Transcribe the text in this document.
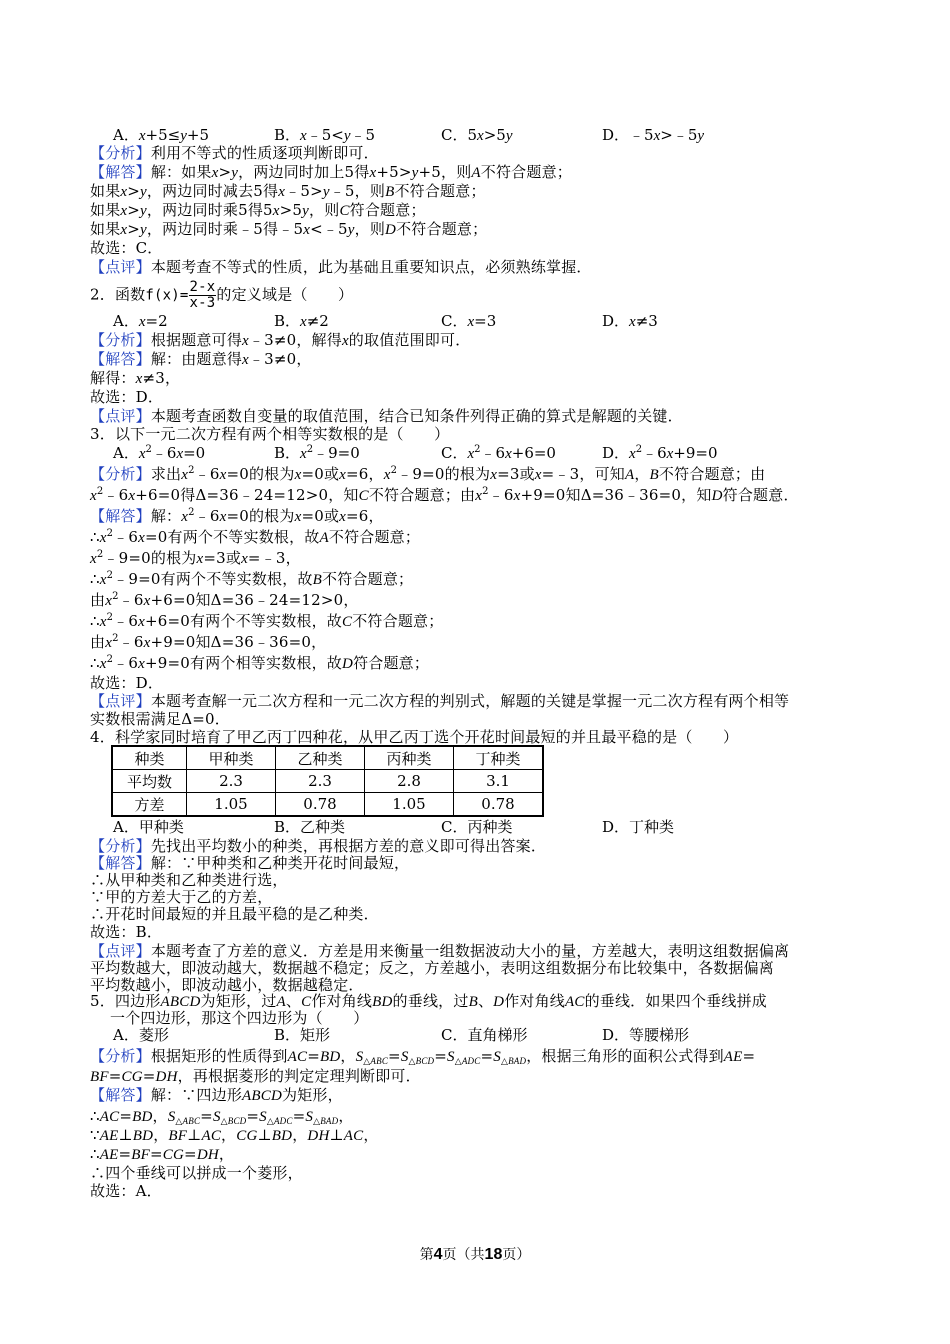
A．x+5≤y+5	B．x﹣5<y﹣5	C．5x>5y	D．﹣5x>﹣5y
【分析】利用不等式的性质逐项判断即可．
【解答】解：如果x>y，两边同时加上5得x+5>y+5，则A不符合题意；
如果x>y，两边同时减去5得x﹣5>y﹣5，则B不符合题意；
如果x>y，两边同时乘5得5x>5y，则C符合题意；
如果x>y，两边同时乘﹣5得﹣5x<﹣5y，则D不符合题意；
故选：C．
【点评】本题考查不等式的性质，此为基础且重要知识点，必须熟练掌握．
2．函数$f(x)= \frac{2-x}{x-3}$ 的定义域是（　　）
A．x=2	B．x≠2	C．x=3	D．x≠3
【分析】根据题意可得x﹣3≠0，解得x的取值范围即可．
【解答】解：由题意得x﹣3≠0，
解得：x≠3，
故选：D．
【点评】本题考查函数自变量的取值范围，结合已知条件列得正确的算式是解题的关键．
3．以下一元二次方程有两个相等实数根的是（　　）
A．$x^2﹣6x=0$	B．$x^2﹣9=0$	C．$x^2﹣6x+6=0$	D．$x^2﹣6x+9=0$
【分析】求出$x^2﹣6x=0$的根为x=0或x=6，$x^2﹣9=0$的根为x=3或x=﹣3，可知A，B不符合题意；由
$x^2﹣6x+6=0$得Δ=36﹣24=12>0，知C不符合题意；由$x^2﹣6x+9=0$知Δ=36﹣36=0，知D符合题意．
【解答】解：$x^2﹣6x=0$的根为x=0或x=6，
$\therefore x^2﹣6x=0$有两个不等实数根，故A不符合题意；
$x^2﹣9=0$的根为x=3或x=﹣3，
$\therefore x^2﹣9=0$有两个不等实数根，故B不符合题意；
由$x^2﹣6x+6=0$知Δ=36﹣24=12>0，
$\therefore x^2﹣6x+6=0$有两个不等实数根，故C不符合题意；
由$x^2﹣6x+9=0$知Δ=36﹣36=0，
$\therefore x^2﹣6x+9=0$有两个相等实数根，故D符合题意；
故选：D．
【点评】本题考查解一元二次方程和一元二次方程的判别式，解题的关键是掌握一元二次方程有两个相等
实数根需满足Δ=0．
4．科学家同时培育了甲乙丙丁四种花，从甲乙丙丁选个开花时间最短的并且最平稳的是（　　）
种类	甲种类	乙种类	丙种类	丁种类
平均数	2.3	2.3	2.8	3.1
方差	1.05	0.78	1.05	0.78
A．甲种类	B．乙种类	C．丙种类	D．丁种类
【分析】先找出平均数小的种类，再根据方差的意义即可得出答案．
【解答】解：∵甲种类和乙种类开花时间最短，
∴从甲种类和乙种类进行选，
∵甲的方差大于乙的方差，
∴开花时间最短的并且最平稳的是乙种类．
故选：B．
【点评】本题考查了方差的意义．方差是用来衡量一组数据波动大小的量，方差越大，表明这组数据偏离
平均数越大，即波动越大，数据越不稳定；反之，方差越小，表明这组数据分布比较集中，各数据偏离
平均数越小，即波动越小，数据越稳定．
5．四边形ABCD为矩形，过A、C作对角线BD的垂线，过B、D作对角线AC的垂线．如果四个垂线拼成
一个四边形，那这个四边形为（　　）
A．菱形	B．矩形	C．直角梯形	D．等腰梯形
【分析】根据矩形的性质得到AC=BD，$S_{\triangle ABC}=S_{\triangle BCD}=S_{\triangle ADC}=S_{\triangle BAD}$，根据三角形的面积公式得到AE=
BF=CG=DH，再根据菱形的判定定理判断即可．
【解答】解：∵四边形ABCD为矩形，
∴AC=BD，$S_{\triangle ABC}=S_{\triangle BCD}=S_{\triangle ADC}=S_{\triangle BAD}$，
∵AE⊥BD，BF⊥AC，CG⊥BD，DH⊥AC，
∴AE=BF=CG=DH，
∴四个垂线可以拼成一个菱形，
故选：A．
第4页（共18页）
